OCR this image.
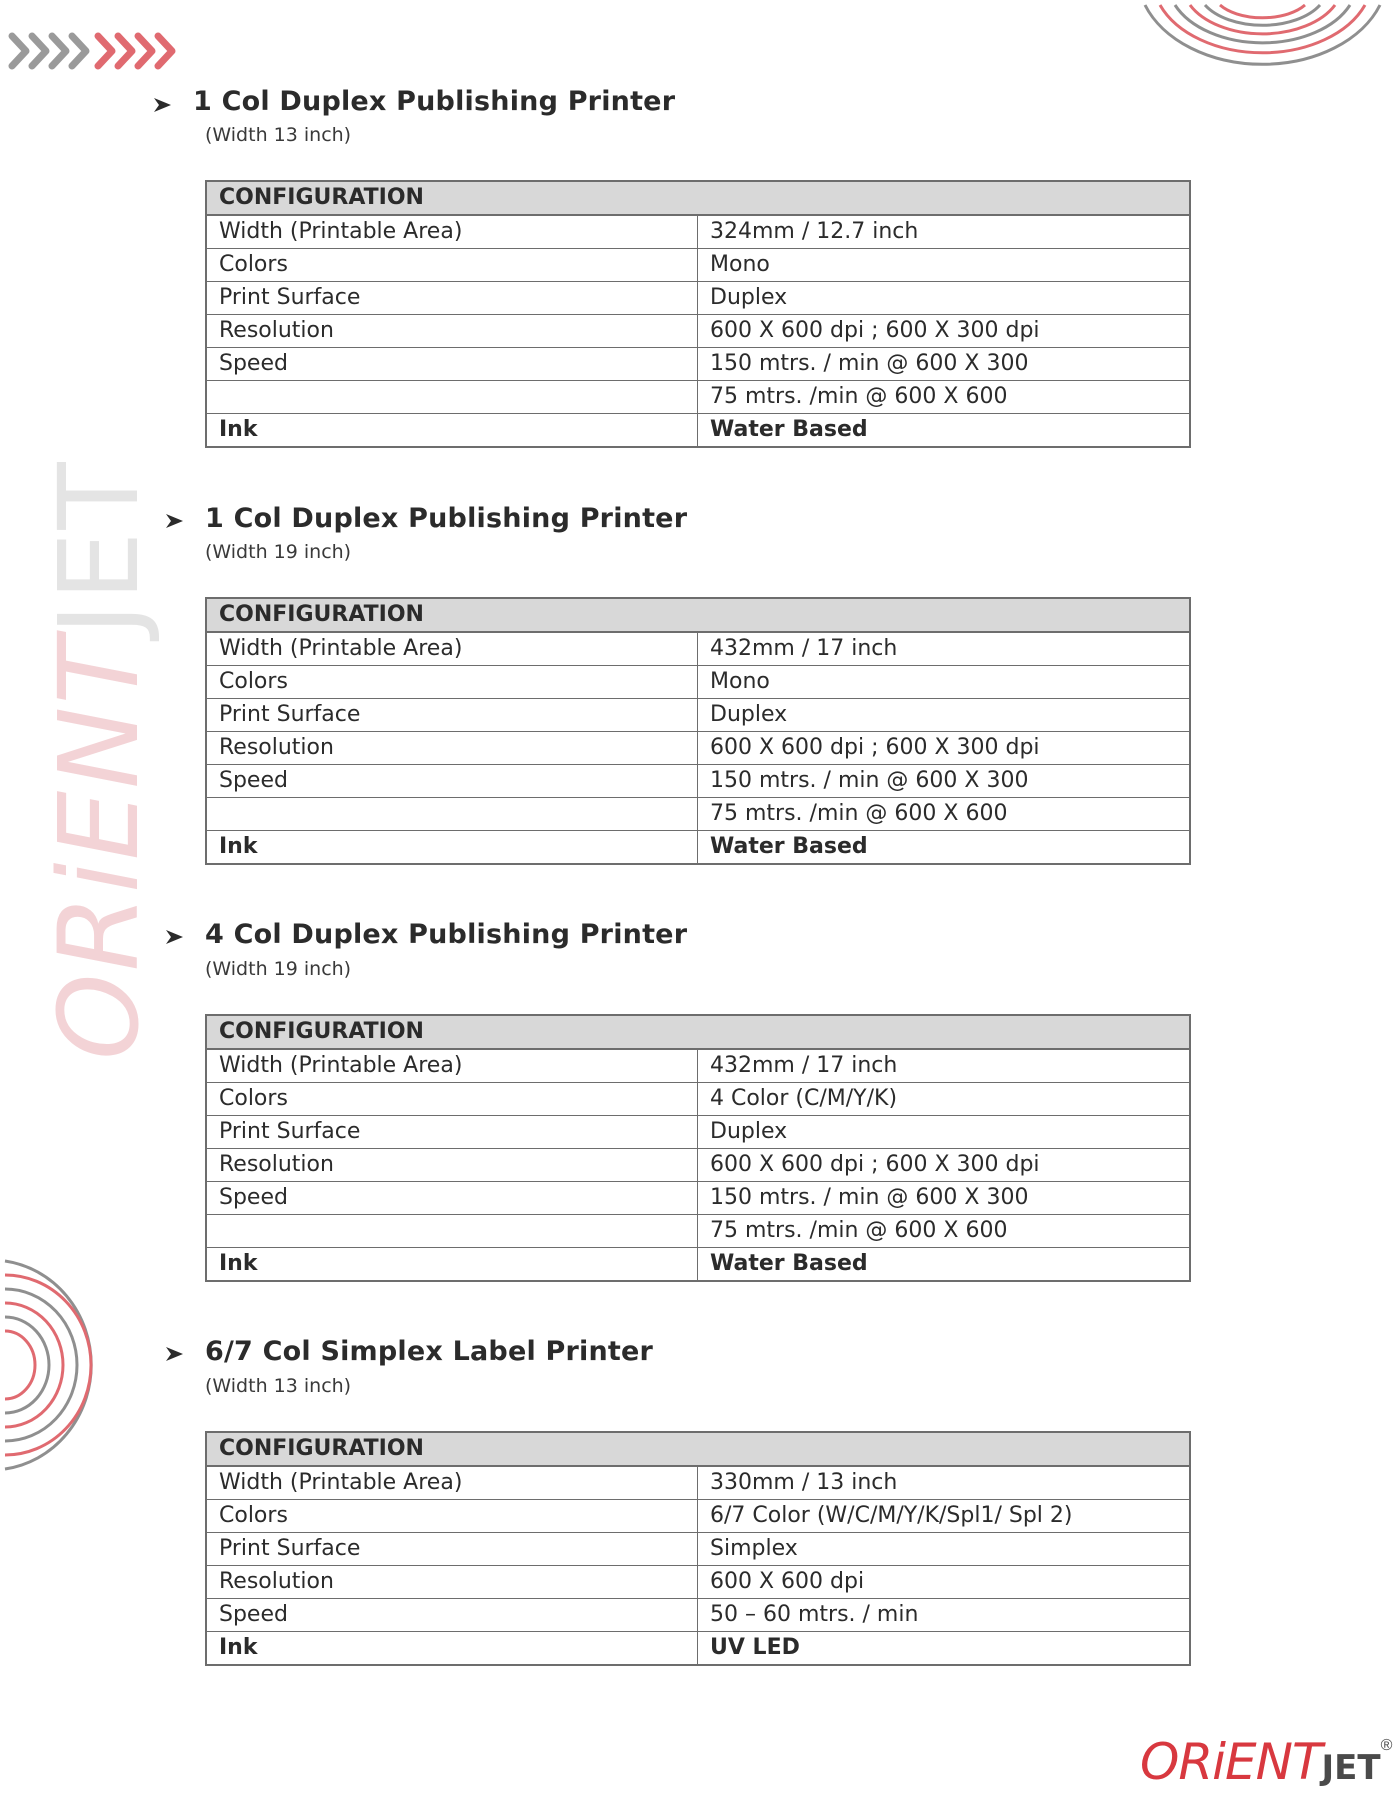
ORiENTJET
1 Col Duplex Publishing Printer
(Width 13 inch)
CONFIGURATION	
Width (Printable Area)	324mm / 12.7 inch
Colors	Mono
Print Surface	Duplex
Resolution	600 X 600 dpi ; 600 X 300 dpi
Speed	150 mtrs. / min @ 600 X 300
	75 mtrs. /min @ 600 X 600
Ink	Water Based
1 Col Duplex Publishing Printer
(Width 19 inch)
CONFIGURATION	
Width (Printable Area)	432mm / 17 inch
Colors	Mono
Print Surface	Duplex
Resolution	600 X 600 dpi ; 600 X 300 dpi
Speed	150 mtrs. / min @ 600 X 300
	75 mtrs. /min @ 600 X 600
Ink	Water Based
4 Col Duplex Publishing Printer
(Width 19 inch)
CONFIGURATION	
Width (Printable Area)	432mm / 17 inch
Colors	4 Color (C/M/Y/K)
Print Surface	Duplex
Resolution	600 X 600 dpi ; 600 X 300 dpi
Speed	150 mtrs. / min @ 600 X 300
	75 mtrs. /min @ 600 X 600
Ink	Water Based
6/7 Col Simplex Label Printer
(Width 13 inch)
CONFIGURATION	
Width (Printable Area)	330mm / 13 inch
Colors	6/7 Color (W/C/M/Y/K/Spl1/ Spl 2)
Print Surface	Simplex
Resolution	600 X 600 dpi
Speed	50 – 60 mtrs. / min
Ink	UV LED
ORiENTJET®
